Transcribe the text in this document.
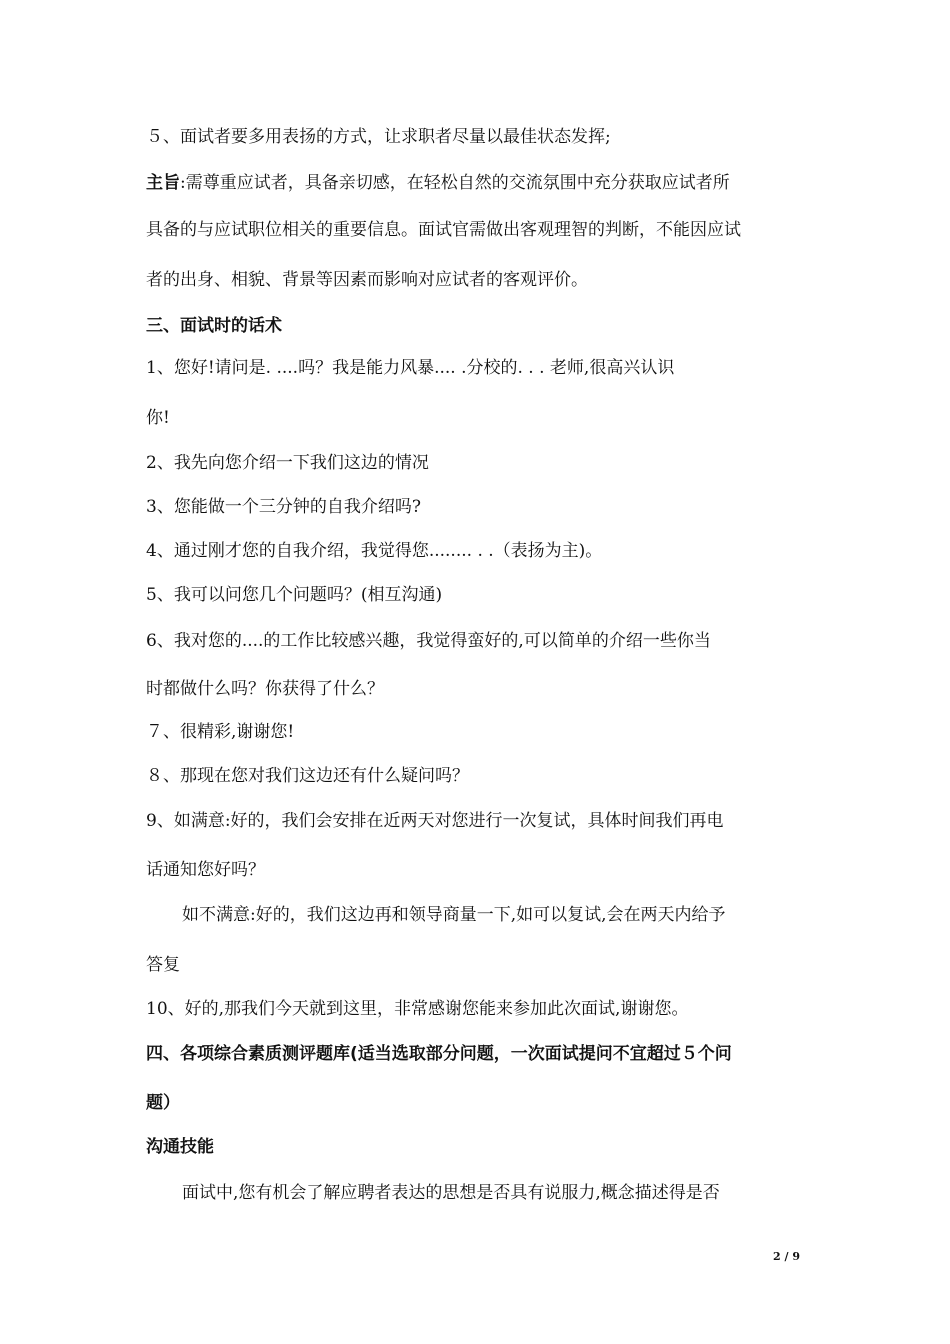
５、面试者要多用表扬的方式，让求职者尽量以最佳状态发挥;
主旨:需尊重应试者，具备亲切感，在轻松自然的交流氛围中充分获取应试者所
具备的与应试职位相关的重要信息。面试官需做出客观理智的判断，不能因应试
者的出身、相貌、背景等因素而影响对应试者的客观评价。
三、面试时的话术
1、您好!请问是. ....吗？我是能力风暴.... .分校的. . . 老师,很高兴认识
你!
2、我先向您介绍一下我们这边的情况
3、您能做一个三分钟的自我介绍吗?
4、通过刚才您的自我介绍，我觉得您........ . .（表扬为主)。
5、我可以问您几个问题吗？(相互沟通)
6、我对您的....的工作比较感兴趣，我觉得蛮好的,可以简单的介绍一些你当
时都做什么吗？你获得了什么？
７、很精彩,谢谢您!
８、那现在您对我们这边还有什么疑问吗？
9、如满意:好的，我们会安排在近两天对您进行一次复试，具体时间我们再电
话通知您好吗？
如不满意:好的，我们这边再和领导商量一下,如可以复试,会在两天内给予
答复
10、好的,那我们今天就到这里，非常感谢您能来参加此次面试,谢谢您。
四、各项综合素质测评题库(适当选取部分问题，一次面试提问不宜超过５个问
题）
沟通技能
面试中,您有机会了解应聘者表达的思想是否具有说服力,概念描述得是否
2 / 9
